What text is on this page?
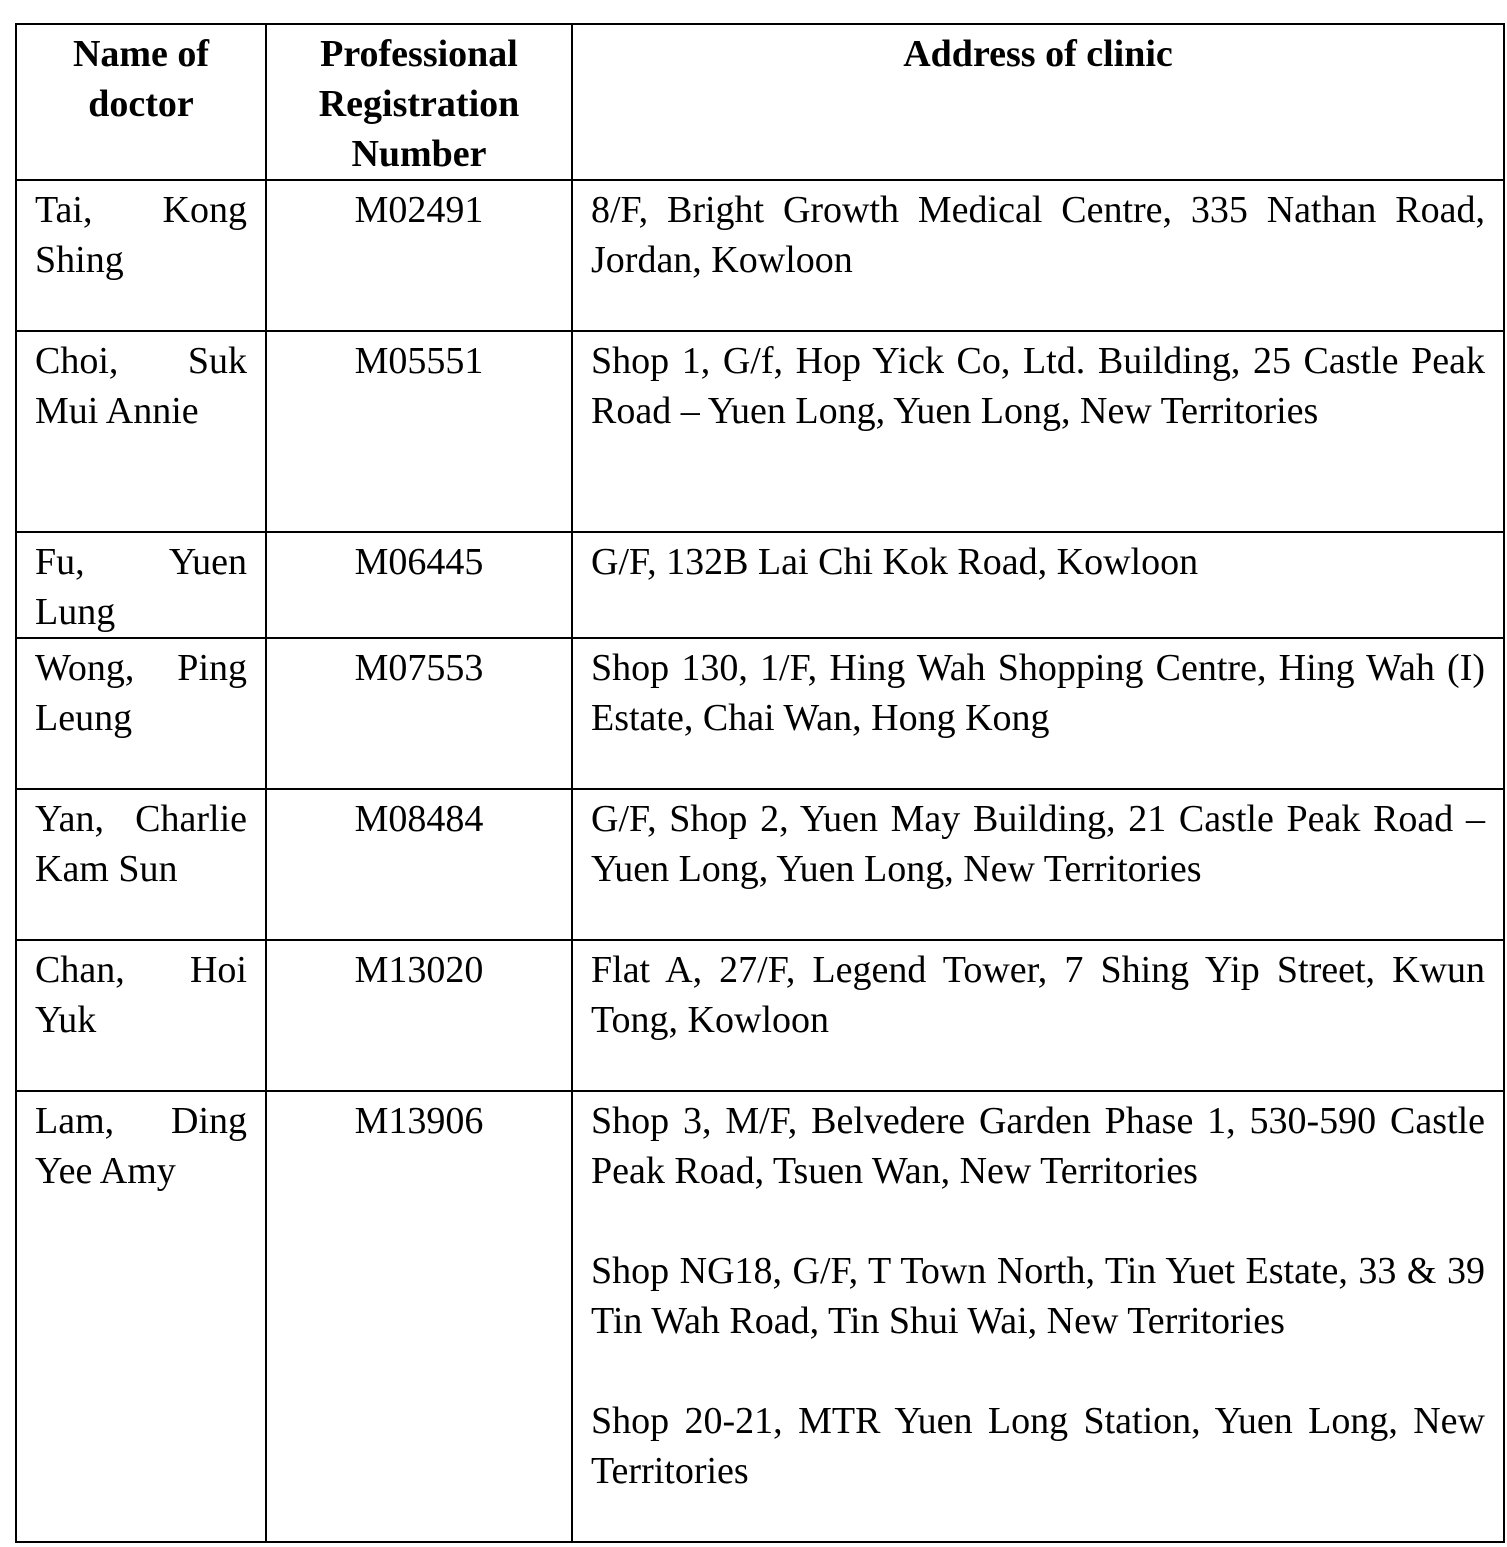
Name of doctor	Professional Registration Number	Address of clinic
Tai, Kong Shing	M02491	8/F, Bright Growth Medical Centre, 335 Nathan Road, Jordan, Kowloon

Choi, Suk Mui Annie	M05551	Shop 1, G/f, Hop Yick Co, Ltd. Building, 25 Castle Peak Road – Yuen Long, Yuen Long, New Territories

Fu, Yuen Lung	M06445	G/F, 132B Lai Chi Kok Road, Kowloon

Wong, Ping Leung	M07553	Shop 130, 1/F, Hing Wah Shopping Centre, Hing Wah (I) Estate, Chai Wan, Hong Kong

Yan, Charlie Kam Sun	M08484	G/F, Shop 2, Yuen May Building, 21 Castle Peak Road – Yuen Long, Yuen Long, New Territories

Chan, Hoi Yuk	M13020	Flat A, 27/F, Legend Tower, 7 Shing Yip Street, Kwun Tong, Kowloon

Lam, Ding Yee Amy	M13906	Shop 3, M/F, Belvedere Garden Phase 1, 530-590 Castle Peak Road, Tsuen Wan, New Territories
Shop NG18, G/F, T Town North, Tin Yuet Estate, 33 & 39 Tin Wah Road, Tin Shui Wai, New Territories
Shop 20-21, MTR Yuen Long Station, Yuen Long, New Territories
